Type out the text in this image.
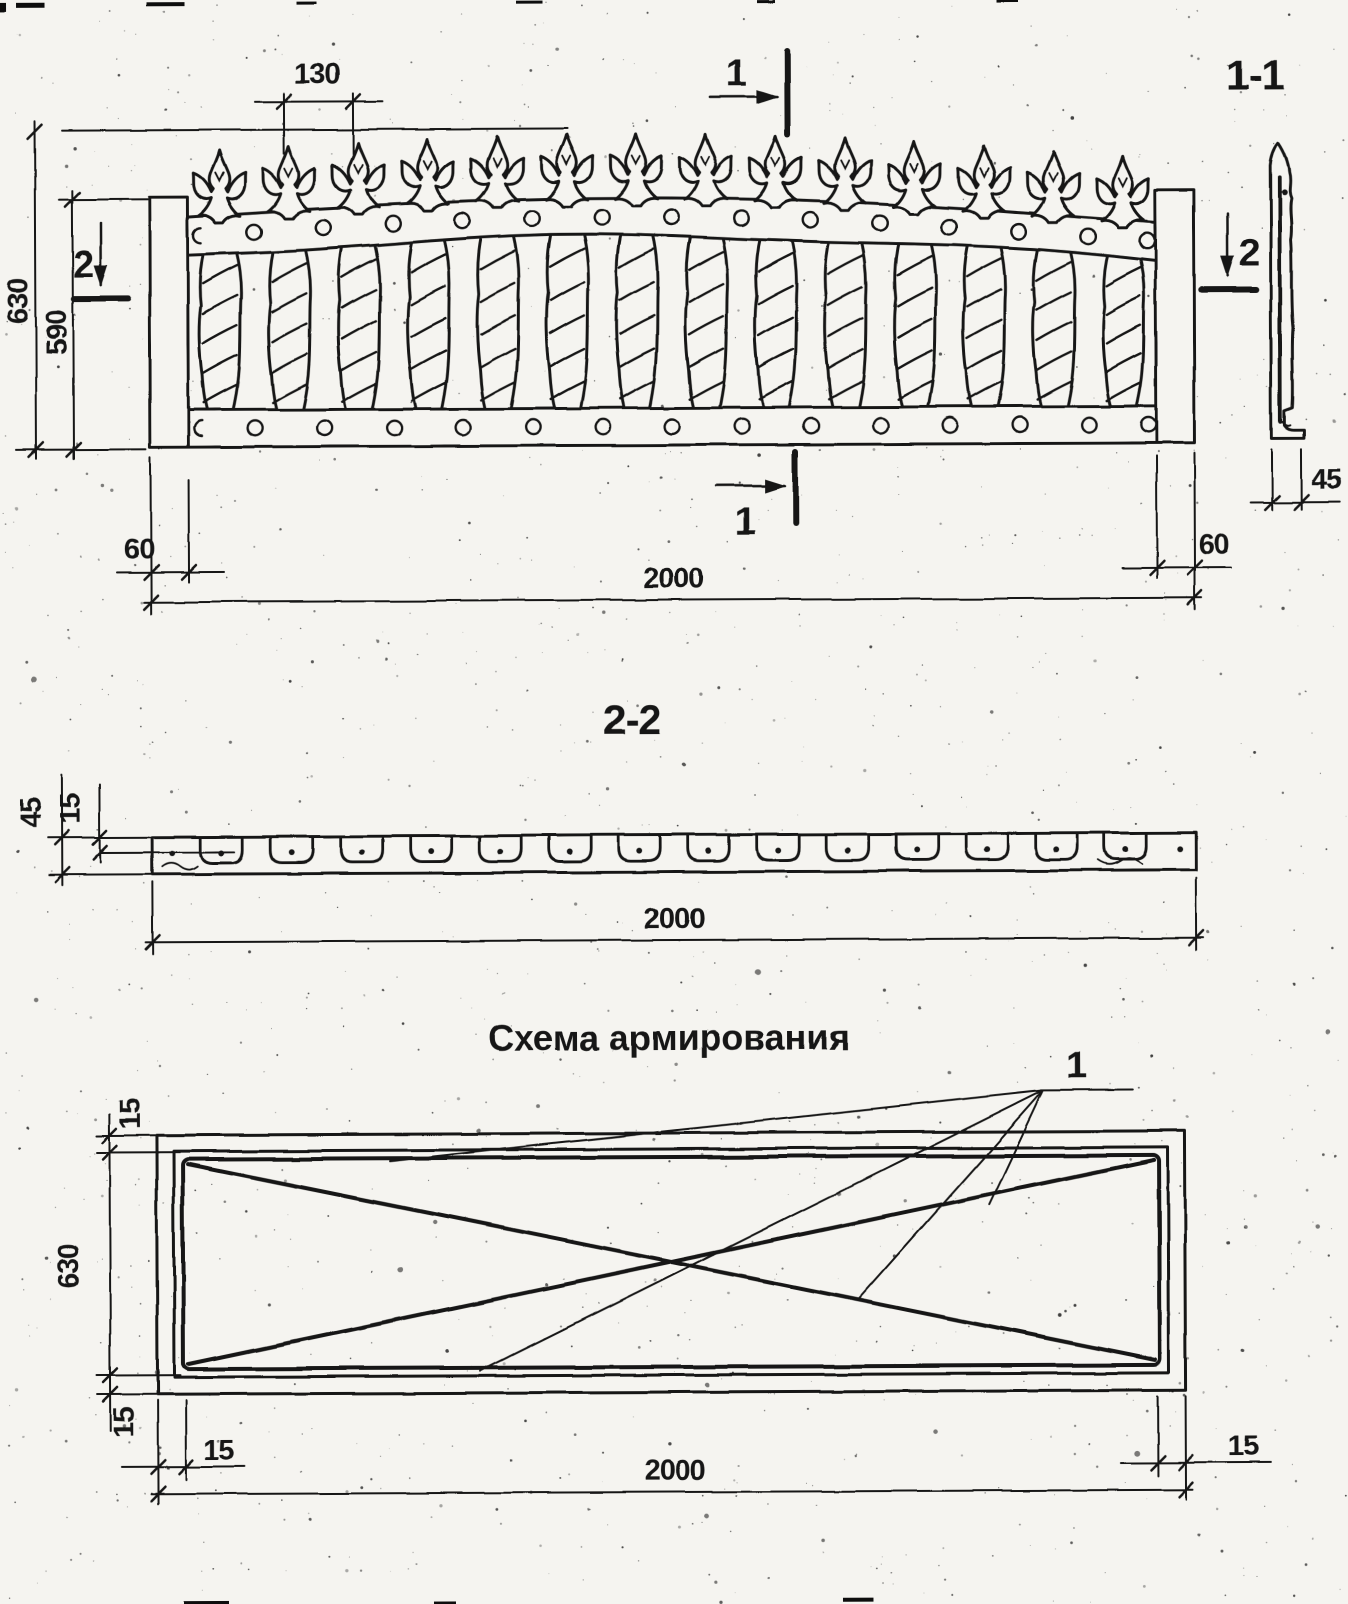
130
630
590
60	60
2000
45
1
1
2	2
1-1
2-2
45 15
2000
Схема армирования
1
15
630
15
15	15
2000
